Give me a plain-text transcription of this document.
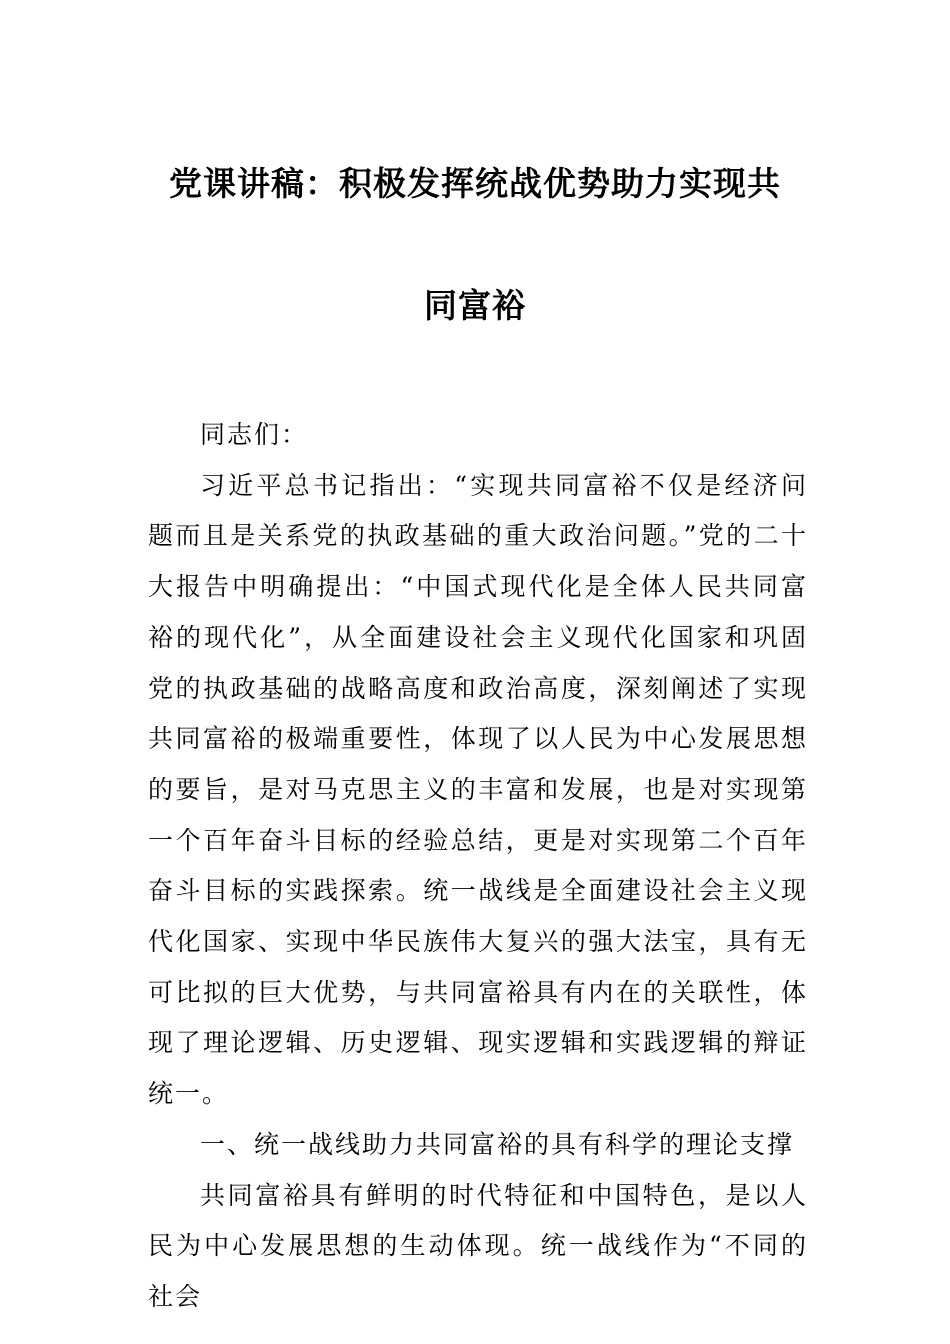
党课讲稿：积极发挥统战优势助力实现共
同富裕

同志们：

习近平总书记指出：“实现共同富裕不仅是经济问题而且是关系党的执政基础的重大政治问题。”党的二十大报告中明确提出：“中国式现代化是全体人民共同富裕的现代化”，从全面建设社会主义现代化国家和巩固党的执政基础的战略高度和政治高度，深刻阐述了实现共同富裕的极端重要性，体现了以人民为中心发展思想的要旨，是对马克思主义的丰富和发展，也是对实现第一个百年奋斗目标的经验总结，更是对实现第二个百年奋斗目标的实践探索。统一战线是全面建设社会主义现代化国家、实现中华民族伟大复兴的强大法宝，具有无可比拟的巨大优势，与共同富裕具有内在的关联性，体现了理论逻辑、历史逻辑、现实逻辑和实践逻辑的辩证统一。

一、统一战线助力共同富裕的具有科学的理论支撑

共同富裕具有鲜明的时代特征和中国特色，是以人民为中心发展思想的生动体现。统一战线作为“不同的社会
